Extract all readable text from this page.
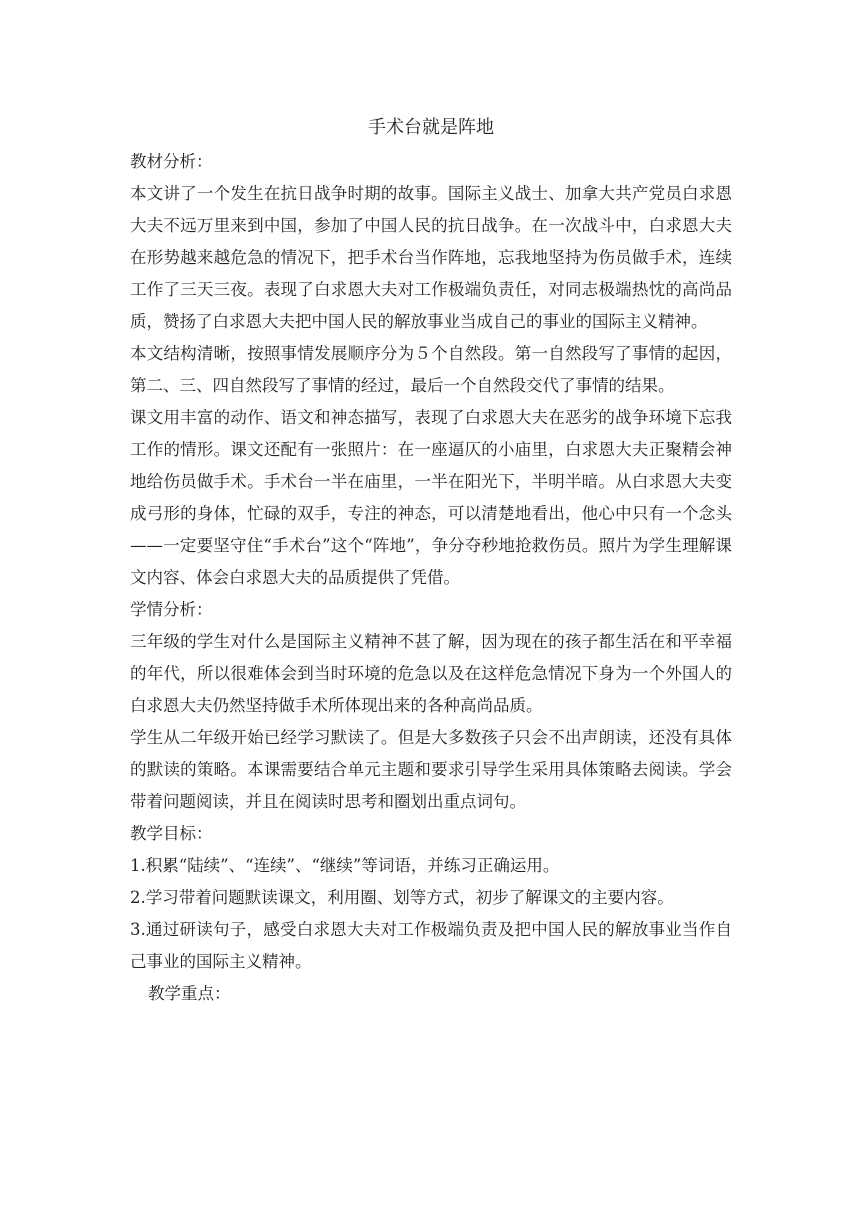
手术台就是阵地

教材分析：

本文讲了一个发生在抗日战争时期的故事。国际主义战士、加拿大共产党员白求恩大夫不远万里来到中国，参加了中国人民的抗日战争。在一次战斗中，白求恩大夫在形势越来越危急的情况下，把手术台当作阵地，忘我地坚持为伤员做手术，连续工作了三天三夜。表现了白求恩大夫对工作极端负责任，对同志极端热忱的高尚品质，赞扬了白求恩大夫把中国人民的解放事业当成自己的事业的国际主义精神。

本文结构清晰，按照事情发展顺序分为５个自然段。第一自然段写了事情的起因，第二、三、四自然段写了事情的经过，最后一个自然段交代了事情的结果。

课文用丰富的动作、语文和神态描写，表现了白求恩大夫在恶劣的战争环境下忘我工作的情形。课文还配有一张照片：在一座逼仄的小庙里，白求恩大夫正聚精会神地给伤员做手术。手术台一半在庙里，一半在阳光下，半明半暗。从白求恩大夫变成弓形的身体，忙碌的双手，专注的神态，可以清楚地看出，他心中只有一个念头——一定要坚守住“手术台”这个“阵地”，争分夺秒地抢救伤员。照片为学生理解课文内容、体会白求恩大夫的品质提供了凭借。

学情分析：

三年级的学生对什么是国际主义精神不甚了解，因为现在的孩子都生活在和平幸福的年代，所以很难体会到当时环境的危急以及在这样危急情况下身为一个外国人的白求恩大夫仍然坚持做手术所体现出来的各种高尚品质。

学生从二年级开始已经学习默读了。但是大多数孩子只会不出声朗读，还没有具体的默读的策略。本课需要结合单元主题和要求引导学生采用具体策略去阅读。学会带着问题阅读，并且在阅读时思考和圈划出重点词句。

教学目标：

1.积累“陆续”、“连续”、“继续”等词语，并练习正确运用。

2.学习带着问题默读课文，利用圈、划等方式，初步了解课文的主要内容。

3.通过研读句子，感受白求恩大夫对工作极端负责及把中国人民的解放事业当作自己事业的国际主义精神。

教学重点：
